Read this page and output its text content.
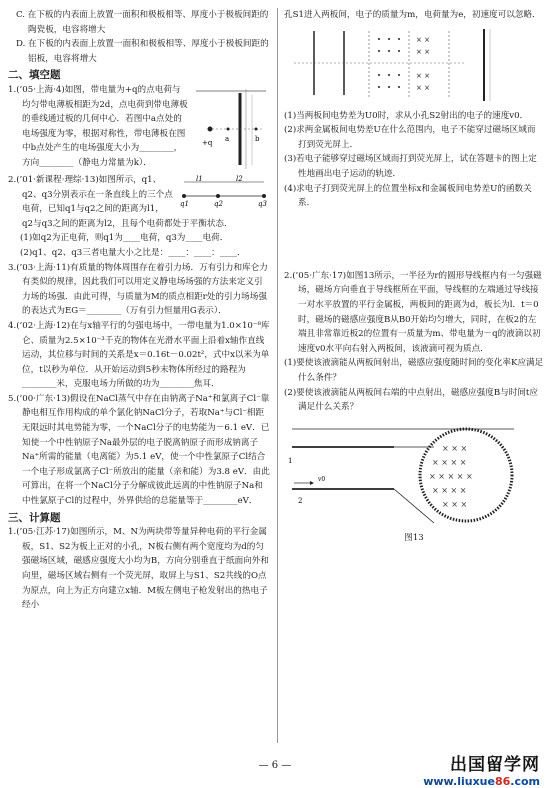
C. 在下板的内表面上放置一面积和极板相等、厚度小于极板间距的陶瓷板，电容将增大

D. 在下板的内表面上放置一面积和极板相等、厚度小于极板间距的铝板，电容将增大

二、填空题

+q a	b

1.(’05·上海·4)如图，带电量为+q的点电荷与均匀带电薄板相距为2d，点电荷到带电薄板的垂线通过板的几何中心．若图中a点处的电场强度为零，根据对称性，带电薄板在图中b点处产生的电场强度大小为________，方向________（静电力常量为k）．

l1	l2
q1	q2	q3

2.(’01·新课程·理综·13)如图所示，q1、q2、q3分别表示在一条直线上的三个点电荷，已知q1与q2之间的距离为l1，q2与q3之间的距离为l2，且每个电荷都处于平衡状态．

(1)如q2为正电荷，则q1为____电荷，q3为____电荷．

(2)q1、q2、q3三者电量大小之比是：____：____：____．

3.(’03·上海·11)有质量的物体周围存在着引力场．万有引力和库仑力有类似的规律，因此我们可以用定义静电场场强的方法来定义引力场的场强．由此可得，与质量为M的质点相距r处的引力场场强的表达式为EG＝________（万有引力恒量用G表示）．

4.(’02·上海·12)在与x轴平行的匀强电场中，一带电量为1.0×10⁻⁸库仑、质量为2.5×10⁻³千克的物体在光滑水平面上沿着x轴作直线运动，其位移与时间的关系是x＝0.16t－0.02t²，式中x以米为单位，t以秒为单位．从开始运动到5秒末物体所经过的路程为________米，克服电场力所做的功为________焦耳．

5.(’00·广东·13)假设在NaCl蒸气中存在由钠离子Na⁺和氯离子Cl⁻靠静电相互作用构成的单个氯化钠NaCl分子，若取Na⁺与Cl⁻相距无限远时其电势能为零，一个NaCl分子的电势能为－6.1 eV．已知使一个中性钠原子Na最外层的电子脱离钠原子而形成钠离子Na⁺所需的能量（电离能）为5.1 eV，使一个中性氯原子Cl结合一个电子形成氯离子Cl⁻所放出的能量（亲和能）为3.8 eV．由此可算出，在将一个NaCl分子分解成彼此远离的中性钠原子Na和中性氯原子Cl的过程中，外界供给的总能量等于________eV．

三、计算题

1.(’05·江苏·17)如图所示，M、N为两块带等量异种电荷的平行金属板，S1、S2为板上正对的小孔，N板右侧有两个宽度均为d的匀强磁场区域，磁感应强度大小均为B，方向分别垂直于纸面向外和向里，磁场区域右侧有一个荧光屏，取屏上与S1、S2共线的O点为原点，向上为正方向建立x轴．M板左侧电子枪发射出的热电子经小

孔S1进入两板间，电子的质量为m，电荷量为e，初速度可以忽略．

× ×
× ×
× ×
× ×

(1)当两板间电势差为U0时，求从小孔S2射出的电子的速度v0．

(2)求两金属板间电势差U在什么范围内，电子不能穿过磁场区域而打到荧光屏上．

(3)若电子能够穿过磁场区域而打到荧光屏上，试在答题卡的图上定性地画出电子运动的轨迹．

(4)求电子打到荧光屏上的位置坐标x和金属板间电势差U的函数关系．

2.(’05·广东·17)如图13所示，一半径为r的圆形导线框内有一匀强磁场，磁场方向垂直于导线框所在平面，导线框的左端通过导线接一对水平放置的平行金属板，两板间的距离为d，板长为l．t＝0时，磁场的磁感应强度B从B0开始均匀增大，同时，在板2的左端且非常靠近板2的位置有一质量为m、带电量为－q的液滴以初速度v0水平向右射入两板间，该液滴可视为质点．

(1)要使该液滴能从两板间射出，磁感应强度随时间的变化率K应满足什么条件？

(2)要使该液滴能从两板间右端的中点射出，磁感应强度B与时间t应满足什么关系？

1
2
v0
× × ×
× × × ×
× × × × ×
× × × ×
× × ×

图13

— 6 —	出国留学网
www.liuxue86.com
